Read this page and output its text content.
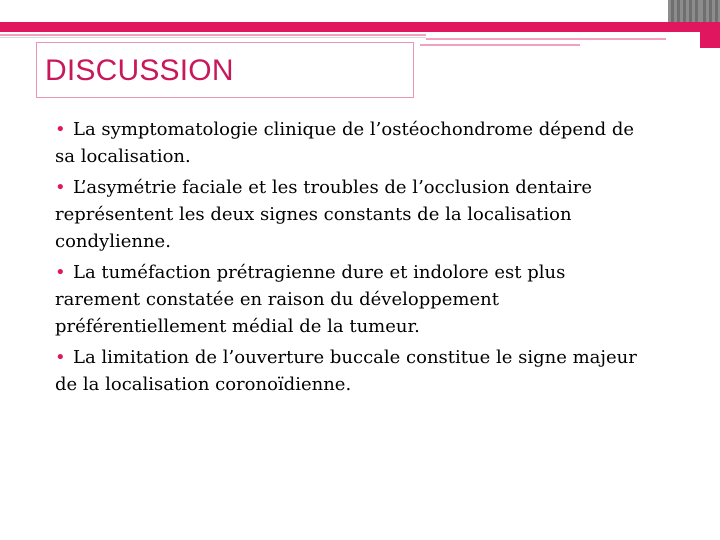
DISCUSSION
• La symptomatologie clinique de l’ostéochondrome dépend de sa localisation.
• L’asymétrie faciale et les troubles de l’occlusion dentaire représentent les deux signes constants de la localisation condylienne.
• La tuméfaction prétragienne dure et indolore est plus rarement constatée en raison du développement préférentiellement médial de la tumeur.
• La limitation de l’ouverture buccale constitue le signe majeur de la localisation coronoïdienne.
